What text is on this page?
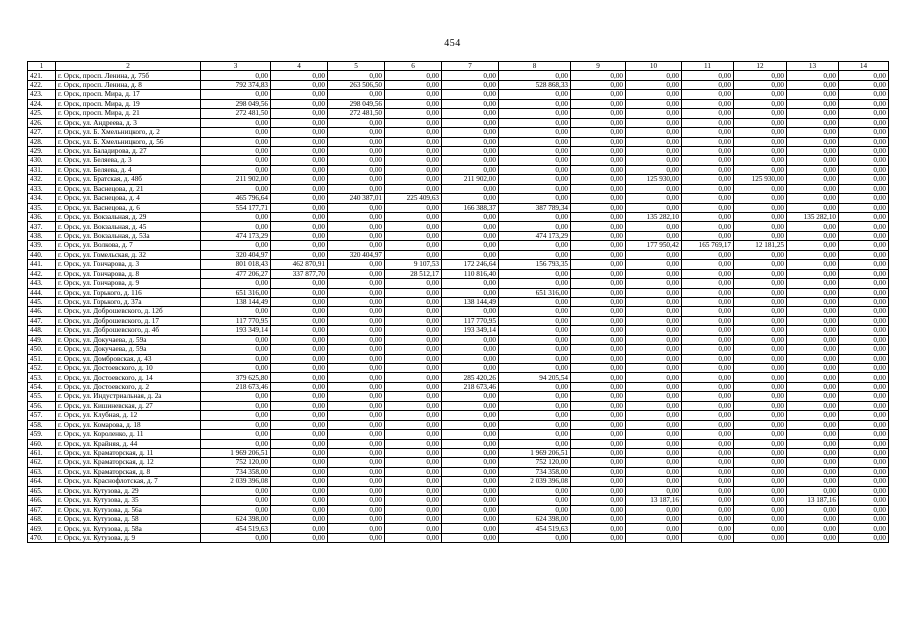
454
1	2	3	4	5	6	7	8	9	10	11	12	13	14
421.	г. Орск, просп. Ленина, д. 75б	0,00	0,00	0,00	0,00	0,00	0,00	0,00	0,00	0,00	0,00	0,00	0,00
422.	г. Орск, просп. Ленина, д. 8	792 374,83	0,00	263 506,50	0,00	0,00	528 868,33	0,00	0,00	0,00	0,00	0,00	0,00
423.	г. Орск, просп. Мира, д. 17	0,00	0,00	0,00	0,00	0,00	0,00	0,00	0,00	0,00	0,00	0,00	0,00
424.	г. Орск, просп. Мира, д. 19	298 049,56	0,00	298 049,56	0,00	0,00	0,00	0,00	0,00	0,00	0,00	0,00	0,00
425.	г. Орск, просп. Мира, д. 21	272 481,50	0,00	272 481,50	0,00	0,00	0,00	0,00	0,00	0,00	0,00	0,00	0,00
426.	г. Орск, ул. Андреева, д. 3	0,00	0,00	0,00	0,00	0,00	0,00	0,00	0,00	0,00	0,00	0,00	0,00
427.	г. Орск, ул. Б. Хмельницкого, д. 2	0,00	0,00	0,00	0,00	0,00	0,00	0,00	0,00	0,00	0,00	0,00	0,00
428.	г. Орск, ул. Б. Хмельницкого, д. 56	0,00	0,00	0,00	0,00	0,00	0,00	0,00	0,00	0,00	0,00	0,00	0,00
429.	г. Орск, ул. Баладирова, д. 27	0,00	0,00	0,00	0,00	0,00	0,00	0,00	0,00	0,00	0,00	0,00	0,00
430.	г. Орск, ул. Беляева, д. 3	0,00	0,00	0,00	0,00	0,00	0,00	0,00	0,00	0,00	0,00	0,00	0,00
431.	г. Орск, ул. Беляева, д. 4	0,00	0,00	0,00	0,00	0,00	0,00	0,00	0,00	0,00	0,00	0,00	0,00
432.	г. Орск, ул. Братская, д. 48б	211 902,00	0,00	0,00	0,00	211 902,00	0,00	0,00	125 930,00	0,00	125 930,00	0,00	0,00
433.	г. Орск, ул. Васнецова, д. 21	0,00	0,00	0,00	0,00	0,00	0,00	0,00	0,00	0,00	0,00	0,00	0,00
434.	г. Орск, ул. Васнецова, д. 4	465 796,64	0,00	240 387,01	225 409,63	0,00	0,00	0,00	0,00	0,00	0,00	0,00	0,00
435.	г. Орск, ул. Васнецова, д. 6	554 177,71	0,00	0,00	0,00	166 388,37	387 789,34	0,00	0,00	0,00	0,00	0,00	0,00
436.	г. Орск, ул. Вокзальная, д. 29	0,00	0,00	0,00	0,00	0,00	0,00	0,00	135 282,10	0,00	0,00	135 282,10	0,00
437.	г. Орск, ул. Вокзальная, д. 45	0,00	0,00	0,00	0,00	0,00	0,00	0,00	0,00	0,00	0,00	0,00	0,00
438.	г. Орск, ул. Вокзальная, д. 53а	474 173,29	0,00	0,00	0,00	0,00	474 173,29	0,00	0,00	0,00	0,00	0,00	0,00
439.	г. Орск, ул. Волкова, д. 7	0,00	0,00	0,00	0,00	0,00	0,00	0,00	177 950,42	165 769,17	12 181,25	0,00	0,00
440.	г. Орск, ул. Гомельская, д. 32	320 404,97	0,00	320 404,97	0,00	0,00	0,00	0,00	0,00	0,00	0,00	0,00	0,00
441.	г. Орск, ул. Гончарова, д. 3	801 018,43	462 870,91	0,00	9 107,53	172 246,64	156 793,35	0,00	0,00	0,00	0,00	0,00	0,00
442.	г. Орск, ул. Гончарова, д. 8	477 206,27	337 877,70	0,00	28 512,17	110 816,40	0,00	0,00	0,00	0,00	0,00	0,00	0,00
443.	г. Орск, ул. Гончарова, д. 9	0,00	0,00	0,00	0,00	0,00	0,00	0,00	0,00	0,00	0,00	0,00	0,00
444.	г. Орск, ул. Горького, д. 116	651 316,00	0,00	0,00	0,00	0,00	651 316,00	0,00	0,00	0,00	0,00	0,00	0,00
445.	г. Орск, ул. Горького, д. 37а	138 144,49	0,00	0,00	0,00	138 144,49	0,00	0,00	0,00	0,00	0,00	0,00	0,00
446.	г. Орск, ул. Доброшевского, д. 12б	0,00	0,00	0,00	0,00	0,00	0,00	0,00	0,00	0,00	0,00	0,00	0,00
447.	г. Орск, ул. Доброшевского, д. 17	117 770,95	0,00	0,00	0,00	117 770,95	0,00	0,00	0,00	0,00	0,00	0,00	0,00
448.	г. Орск, ул. Доброшевского, д. 4б	193 349,14	0,00	0,00	0,00	193 349,14	0,00	0,00	0,00	0,00	0,00	0,00	0,00
449.	г. Орск, ул. Докучаева, д. 59а	0,00	0,00	0,00	0,00	0,00	0,00	0,00	0,00	0,00	0,00	0,00	0,00
450.	г. Орск, ул. Докучаева, д. 59а	0,00	0,00	0,00	0,00	0,00	0,00	0,00	0,00	0,00	0,00	0,00	0,00
451.	г. Орск, ул. Домбровская, д. 43	0,00	0,00	0,00	0,00	0,00	0,00	0,00	0,00	0,00	0,00	0,00	0,00
452.	г. Орск, ул. Достоевского, д. 10	0,00	0,00	0,00	0,00	0,00	0,00	0,00	0,00	0,00	0,00	0,00	0,00
453.	г. Орск, ул. Достоевского, д. 14	379 625,80	0,00	0,00	0,00	285 420,26	94 205,54	0,00	0,00	0,00	0,00	0,00	0,00
454.	г. Орск, ул. Достоевского, д. 2	218 673,46	0,00	0,00	0,00	218 673,46	0,00	0,00	0,00	0,00	0,00	0,00	0,00
455.	г. Орск, ул. Индустриальная, д. 2а	0,00	0,00	0,00	0,00	0,00	0,00	0,00	0,00	0,00	0,00	0,00	0,00
456.	г. Орск, ул. Кишиневская, д. 27	0,00	0,00	0,00	0,00	0,00	0,00	0,00	0,00	0,00	0,00	0,00	0,00
457.	г. Орск, ул. Клубная, д. 12	0,00	0,00	0,00	0,00	0,00	0,00	0,00	0,00	0,00	0,00	0,00	0,00
458.	г. Орск, ул. Комарова, д. 18	0,00	0,00	0,00	0,00	0,00	0,00	0,00	0,00	0,00	0,00	0,00	0,00
459.	г. Орск, ул. Короленко, д. 11	0,00	0,00	0,00	0,00	0,00	0,00	0,00	0,00	0,00	0,00	0,00	0,00
460.	г. Орск, ул. Крайняя, д. 44	0,00	0,00	0,00	0,00	0,00	0,00	0,00	0,00	0,00	0,00	0,00	0,00
461.	г. Орск, ул. Краматорская, д. 11	1 969 206,51	0,00	0,00	0,00	0,00	1 969 206,51	0,00	0,00	0,00	0,00	0,00	0,00
462.	г. Орск, ул. Краматорская, д. 12	752 120,00	0,00	0,00	0,00	0,00	752 120,00	0,00	0,00	0,00	0,00	0,00	0,00
463.	г. Орск, ул. Краматорская, д. 8	734 358,00	0,00	0,00	0,00	0,00	734 358,00	0,00	0,00	0,00	0,00	0,00	0,00
464.	г. Орск, ул. Краснофлотская, д. 7	2 039 396,08	0,00	0,00	0,00	0,00	2 039 396,08	0,00	0,00	0,00	0,00	0,00	0,00
465.	г. Орск, ул. Кутузова, д. 29	0,00	0,00	0,00	0,00	0,00	0,00	0,00	0,00	0,00	0,00	0,00	0,00
466.	г. Орск, ул. Кутузова, д. 35	0,00	0,00	0,00	0,00	0,00	0,00	0,00	13 187,16	0,00	0,00	13 187,16	0,00
467.	г. Орск, ул. Кутузова, д. 56а	0,00	0,00	0,00	0,00	0,00	0,00	0,00	0,00	0,00	0,00	0,00	0,00
468.	г. Орск, ул. Кутузова, д. 58	624 398,00	0,00	0,00	0,00	0,00	624 398,00	0,00	0,00	0,00	0,00	0,00	0,00
469.	г. Орск, ул. Кутузова, д. 58а	454 519,63	0,00	0,00	0,00	0,00	454 519,63	0,00	0,00	0,00	0,00	0,00	0,00
470.	г. Орск, ул. Кутузова, д. 9	0,00	0,00	0,00	0,00	0,00	0,00	0,00	0,00	0,00	0,00	0,00	0,00
